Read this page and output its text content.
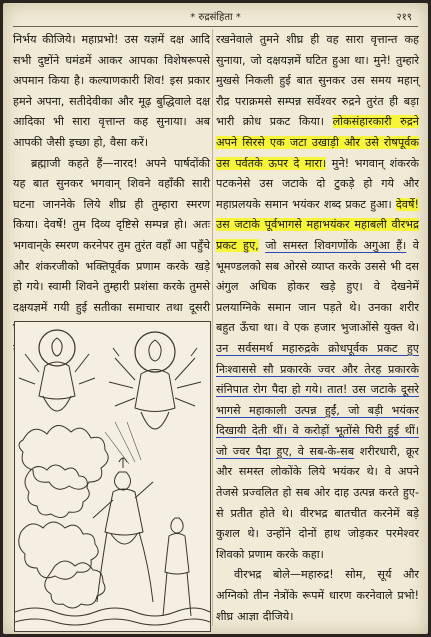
* रुद्रसंहिता *	२१९

निर्भय कीजिये। महाप्रभो! उस यज्ञमें दक्ष आदि सभी दुष्टोंने घमंडमें आकर आपका विशेषरूपसे अपमान किया है। कल्याणकारी शिव! इस प्रकार हमने अपना, सतीदेवीका और मूढ़ बुद्धिवाले दक्ष आदिका भी सारा वृत्तान्त कह सुनाया। अब आपकी जैसी इच्छा हो, वैसा करें।

ब्रह्माजी कहते हैं—नारद! अपने पार्षदोंकी यह बात सुनकर भगवान् शिवने वहाँकी सारी घटना जाननेके लिये शीघ्र ही तुम्हारा स्मरण किया। देवर्षे! तुम दिव्य दृष्टिसे सम्पन्न हो। अतः भगवान्‌के स्मरण करनेपर तुम तुरंत वहाँ आ पहुँचे और शंकरजीको भक्तिपूर्वक प्रणाम करके खड़े हो गये। स्वामी शिवने तुम्हारी प्रशंसा करके तुमसे दक्षयज्ञमें गयी हुई सतीका समाचार तथा दूसरी

रखनेवाले तुमने शीघ्र ही वह सारा वृत्तान्त कह सुनाया, जो दक्षयज्ञमें घटित हुआ था। मुने! तुम्हारे मुखसे निकली हुई बात सुनकर उस समय महान् रौद्र पराक्रमसे सम्पन्न सर्वेश्वर रुद्रने तुरंत ही बड़ा भारी क्रोध प्रकट किया। लोकसंहारकारी रुद्रने अपने सिरसे एक जटा उखाड़ी और उसे रोषपूर्वक उस पर्वतके ऊपर दे मारा। मुने! भगवान् शंकरके पटकनेसे उस जटाके दो टुकड़े हो गये और महाप्रलयके समान भयंकर शब्द प्रकट हुआ। देवर्षे! उस जटाके पूर्वभागसे महाभयंकर महाबली वीरभद्र प्रकट हुए, जो समस्त शिवगणोंके अगुआ हैं। वे भूमण्डलको सब ओरसे व्याप्त करके उससे भी दस अंगुल अधिक होकर खड़े हुए। वे देखनेमें प्रलयाग्निके समान जान पड़ते थे। उनका शरीर बहुत ऊँचा था। वे एक हजार भुजाओंसे युक्त थे। उन सर्वसमर्थ महारुद्रके क्रोधपूर्वक प्रकट हुए निःश्वाससे सौ प्रकारके ज्वर और तेरह प्रकारके संनिपात रोग पैदा हो गये। तात! उस जटाके दूसरे भागसे महाकाली उत्पन्न हुईं, जो बड़ी भयंकर दिखायी देती थीं। वे करोड़ों भूतोंसे घिरी हुई थीं। जो ज्वर पैदा हुए, वे सब-के-सब शरीरधारी, क्रूर और समस्त लोकोंके लिये भयंकर थे। वे अपने तेजसे प्रज्वलित हो सब ओर दाह उत्पन्न करते हुए-से प्रतीत होते थे। वीरभद्र बातचीत करनेमें बड़े कुशल थे। उन्होंने दोनों हाथ जोड़कर परमेश्वर शिवको प्रणाम करके कहा।

वीरभद्र बोले—महारुद्र! सोम, सूर्य और अग्निको तीन नेत्रोंके रूपमें धारण करनेवाले प्रभो! शीघ्र आज्ञा दीजिये।
